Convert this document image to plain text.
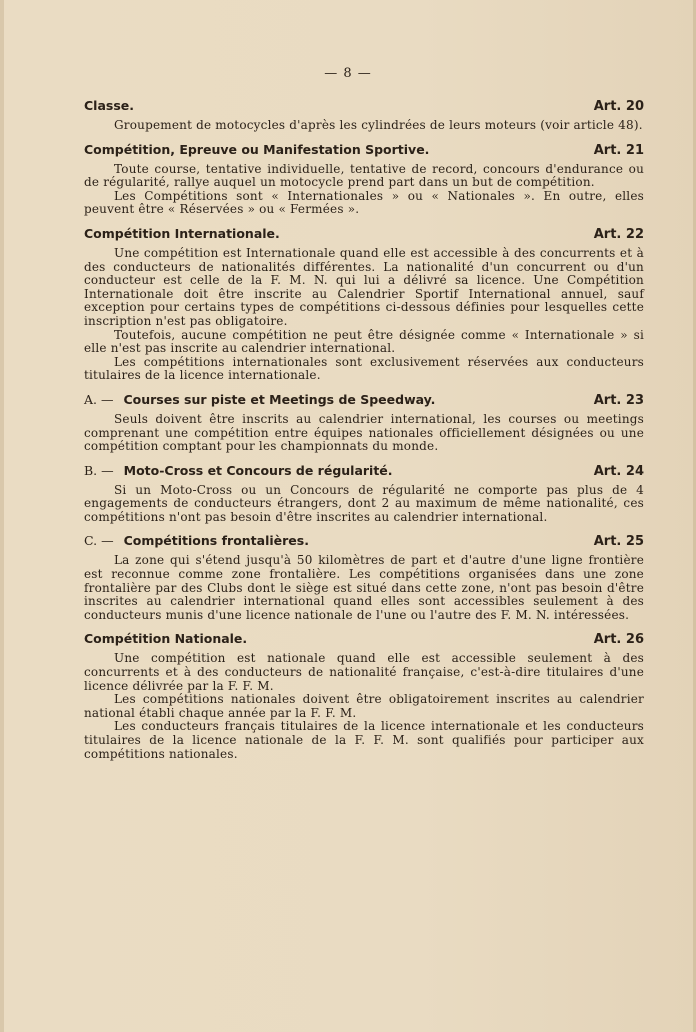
— 8 —
Classe.	Art. 20

Groupement de motocycles d'après les cylindrées de leurs moteurs (voir article 48).

Compétition, Epreuve ou Manifestation Sportive.	Art. 21

Toute course, tentative individuelle, tentative de record, concours d'endurance ou de régularité, rallye auquel un motocycle prend part dans un but de compétition.

Les Compétitions sont « Internationales » ou « Nationales ». En outre, elles peuvent être « Réservées » ou « Fermées ».

Compétition Internationale.	Art. 22

Une compétition est Internationale quand elle est accessible à des concurrents et à des conducteurs de nationalités différentes. La nationalité d'un concurrent ou d'un conducteur est celle de la F. M. N. qui lui a délivré sa licence. Une Compétition Internationale doit être inscrite au Calendrier Sportif International annuel, sauf exception pour certains types de compétitions ci-dessous définies pour lesquelles cette inscription n'est pas obligatoire.

Toutefois, aucune compétition ne peut être désignée comme « Internationale » si elle n'est pas inscrite au calendrier international.

Les compétitions internationales sont exclusivement réservées aux conducteurs titulaires de la licence internationale.

A. — Courses sur piste et Meetings de Speedway.	Art. 23

Seuls doivent être inscrits au calendrier international, les courses ou meetings comprenant une compétition entre équipes nationales officiellement désignées ou une compétition comptant pour les championnats du monde.

B. — Moto-Cross et Concours de régularité.	Art. 24

Si un Moto-Cross ou un Concours de régularité ne comporte pas plus de 4 engagements de conducteurs étrangers, dont 2 au maximum de même nationalité, ces compétitions n'ont pas besoin d'être inscrites au calendrier international.

C. — Compétitions frontalières.	Art. 25

La zone qui s'étend jusqu'à 50 kilomètres de part et d'autre d'une ligne frontière est reconnue comme zone frontalière. Les compétitions organisées dans une zone frontalière par des Clubs dont le siège est situé dans cette zone, n'ont pas besoin d'être inscrites au calendrier international quand elles sont accessibles seulement à des conducteurs munis d'une licence nationale de l'une ou l'autre des F. M. N. intéressées.

Compétition Nationale.	Art. 26

Une compétition est nationale quand elle est accessible seulement à des concurrents et à des conducteurs de nationalité française, c'est-à-dire titulaires d'une licence délivrée par la F. F. M.

Les compétitions nationales doivent être obligatoirement inscrites au calendrier national établi chaque année par la F. F. M.

Les conducteurs français titulaires de la licence internationale et les conducteurs titulaires de la licence nationale de la F. F. M. sont qualifiés pour participer aux compétitions nationales.
